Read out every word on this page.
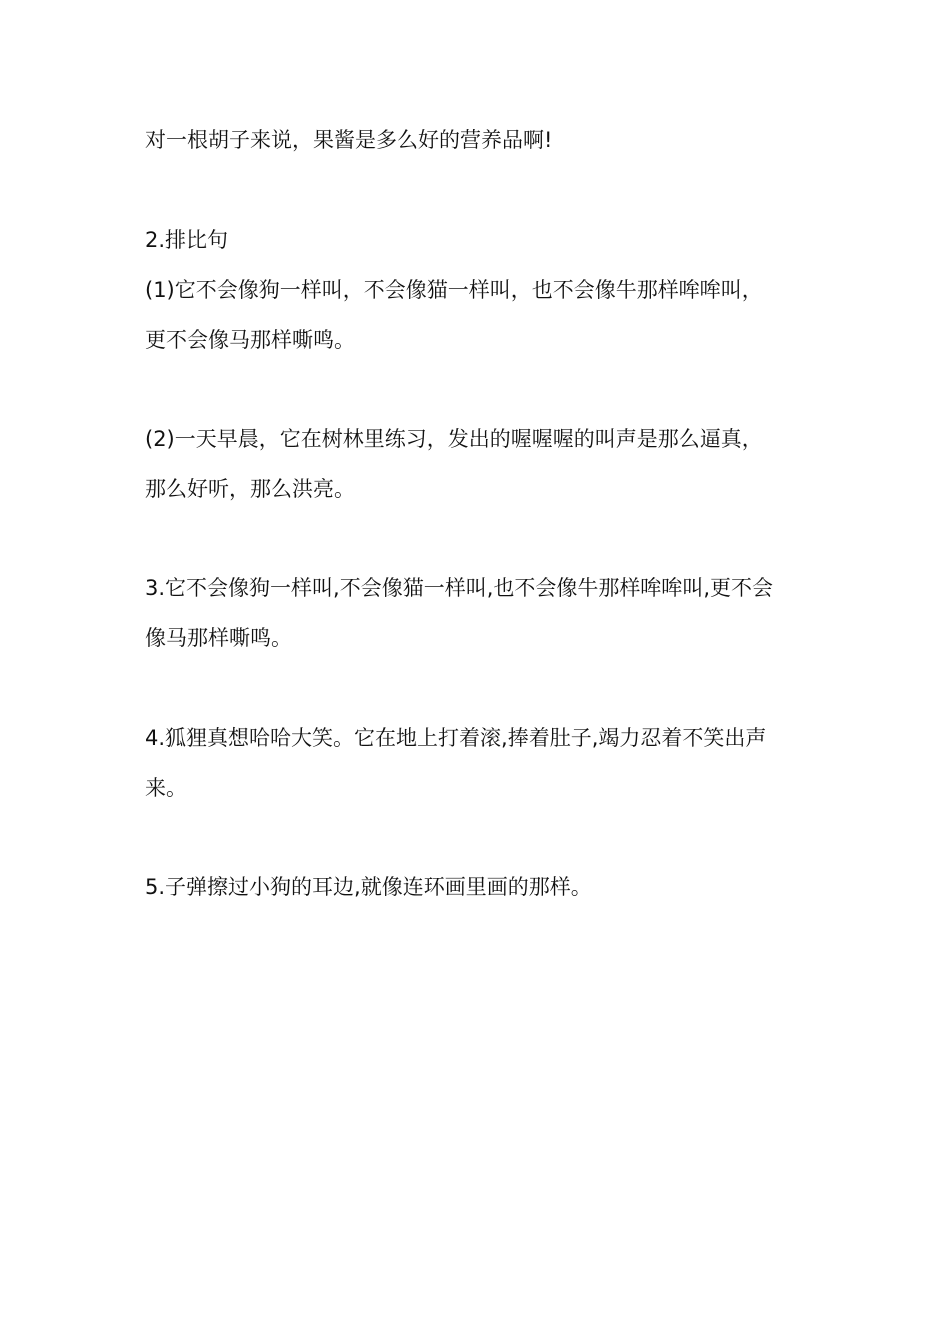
对一根胡子来说，果酱是多么好的营养品啊!
2.排比句
(1)它不会像狗一样叫，不会像猫一样叫，也不会像牛那样哞哞叫，
更不会像马那样嘶鸣。
(2)一天早晨，它在树林里练习，发出的喔喔喔的叫声是那么逼真，
那么好听，那么洪亮。
3.它不会像狗一样叫,不会像猫一样叫,也不会像牛那样哞哞叫,更不会
像马那样嘶鸣。
4.狐狸真想哈哈大笑。它在地上打着滚,捧着肚子,竭力忍着不笑出声
来。
5.子弹擦过小狗的耳边,就像连环画里画的那样。
